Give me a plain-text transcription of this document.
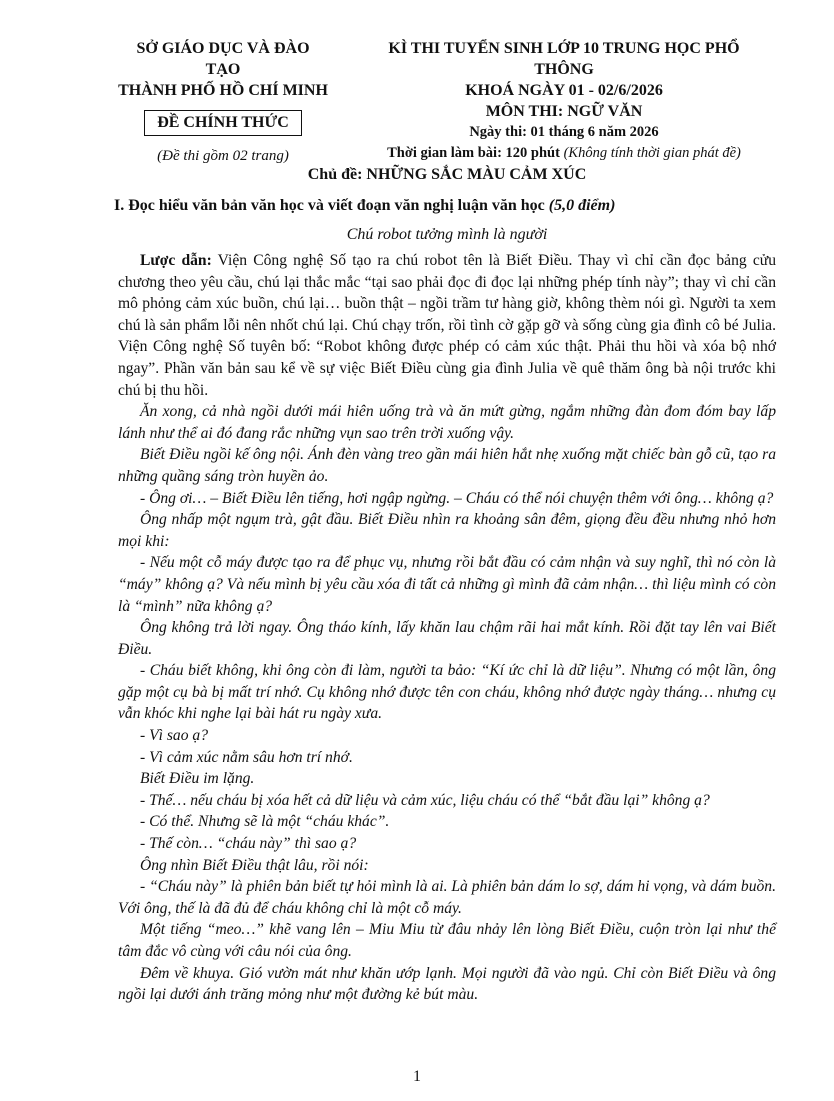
SỞ GIÁO DỤC VÀ ĐÀO TẠO
THÀNH PHỐ HỒ CHÍ MINH
ĐỀ CHÍNH THỨC
(Đề thi gồm 02 trang)
KÌ THI TUYỂN SINH LỚP 10 TRUNG HỌC PHỔ THÔNG
KHOÁ NGÀY 01 - 02/6/2026
MÔN THI: NGỮ VĂN
Ngày thi: 01 tháng 6 năm 2026
Thời gian làm bài: 120 phút (Không tính thời gian phát đề)
Chủ đề: NHỮNG SẮC MÀU CẢM XÚC
I. Đọc hiểu văn bản văn học và viết đoạn văn nghị luận văn học (5,0 điểm)
Chú robot tưởng mình là người

Lược dẫn: Viện Công nghệ Số tạo ra chú robot tên là Biết Điều. Thay vì chỉ cần đọc bảng cửu chương theo yêu cầu, chú lại thắc mắc “tại sao phải đọc đi đọc lại những phép tính này”; thay vì chỉ cần mô phỏng cảm xúc buồn, chú lại… buồn thật – ngồi trầm tư hàng giờ, không thèm nói gì. Người ta xem chú là sản phẩm lỗi nên nhốt chú lại. Chú chạy trốn, rồi tình cờ gặp gỡ và sống cùng gia đình cô bé Julia. Viện Công nghệ Số tuyên bố: “Robot không được phép có cảm xúc thật. Phải thu hồi và xóa bộ nhớ ngay”. Phần văn bản sau kể về sự việc Biết Điều cùng gia đình Julia về quê thăm ông bà nội trước khi chú bị thu hồi.

Ăn xong, cả nhà ngồi dưới mái hiên uống trà và ăn mứt gừng, ngắm những đàn đom đóm bay lấp lánh như thể ai đó đang rắc những vụn sao trên trời xuống vậy.

Biết Điều ngồi kế ông nội. Ánh đèn vàng treo gần mái hiên hắt nhẹ xuống mặt chiếc bàn gỗ cũ, tạo ra những quầng sáng tròn huyền ảo.

- Ông ơi… – Biết Điều lên tiếng, hơi ngập ngừng. – Cháu có thể nói chuyện thêm với ông… không ạ?

Ông nhấp một ngụm trà, gật đầu. Biết Điều nhìn ra khoảng sân đêm, giọng đều đều nhưng nhỏ hơn mọi khi:

- Nếu một cỗ máy được tạo ra để phục vụ, nhưng rồi bắt đầu có cảm nhận và suy nghĩ, thì nó còn là “máy” không ạ? Và nếu mình bị yêu cầu xóa đi tất cả những gì mình đã cảm nhận… thì liệu mình có còn là “mình” nữa không ạ?

Ông không trả lời ngay. Ông tháo kính, lấy khăn lau chậm rãi hai mắt kính. Rồi đặt tay lên vai Biết Điều.

- Cháu biết không, khi ông còn đi làm, người ta bảo: “Kí ức chỉ là dữ liệu”. Nhưng có một lần, ông gặp một cụ bà bị mất trí nhớ. Cụ không nhớ được tên con cháu, không nhớ được ngày tháng… nhưng cụ vẫn khóc khi nghe lại bài hát ru ngày xưa.

- Vì sao ạ?

- Vì cảm xúc nằm sâu hơn trí nhớ.

Biết Điều im lặng.

- Thế… nếu cháu bị xóa hết cả dữ liệu và cảm xúc, liệu cháu có thể “bắt đầu lại” không ạ?

- Có thể. Nhưng sẽ là một “cháu khác”.

- Thế còn… “cháu này” thì sao ạ?

Ông nhìn Biết Điều thật lâu, rồi nói:

- “Cháu này” là phiên bản biết tự hỏi mình là ai. Là phiên bản dám lo sợ, dám hi vọng, và dám buồn. Với ông, thế là đã đủ để cháu không chỉ là một cỗ máy.

Một tiếng “meo…” khẽ vang lên – Miu Miu từ đâu nhảy lên lòng Biết Điều, cuộn tròn lại như thể tâm đắc vô cùng với câu nói của ông.

Đêm về khuya. Gió vườn mát như khăn ướp lạnh. Mọi người đã vào ngủ. Chỉ còn Biết Điều và ông ngồi lại dưới ánh trăng mỏng như một đường kẻ bút màu.

1
